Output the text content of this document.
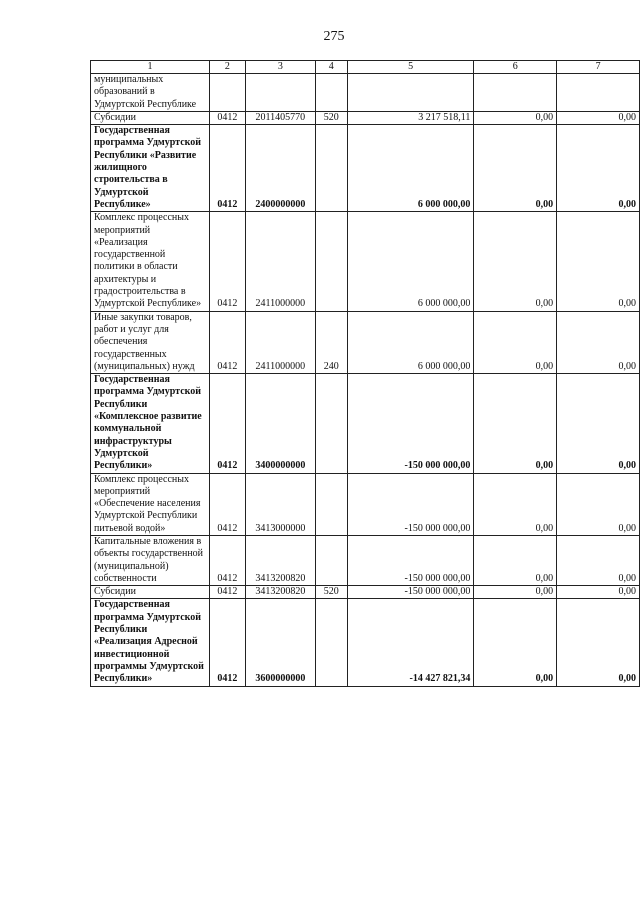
275
1	2	3	4	5	6	7
муниципальных образований в Удмуртской Республике						
Субсидии	0412	2011405770	520	3 217 518,11	0,00	0,00
Государственная программа Удмуртской Республики «Развитие жилищного строительства в Удмуртской Республике»	0412	2400000000		6 000 000,00	0,00	0,00
Комплекс процессных мероприятий «Реализация государственной политики в области архитектуры и градостроительства в Удмуртской Республике»	0412	2411000000		6 000 000,00	0,00	0,00
Иные закупки товаров, работ и услуг для обеспечения государственных (муниципальных) нужд	0412	2411000000	240	6 000 000,00	0,00	0,00
Государственная программа Удмуртской Республики «Комплексное развитие коммунальной инфраструктуры Удмуртской Республики»	0412	3400000000		-150 000 000,00	0,00	0,00
Комплекс процессных мероприятий «Обеспечение населения Удмуртской Республики питьевой водой»	0412	3413000000		-150 000 000,00	0,00	0,00
Капитальные вложения в объекты государственной (муниципальной) собственности	0412	3413200820		-150 000 000,00	0,00	0,00
Субсидии	0412	3413200820	520	-150 000 000,00	0,00	0,00
Государственная программа Удмуртской Республики «Реализация Адресной инвестиционной программы Удмуртской Республики»	0412	3600000000		-14 427 821,34	0,00	0,00
